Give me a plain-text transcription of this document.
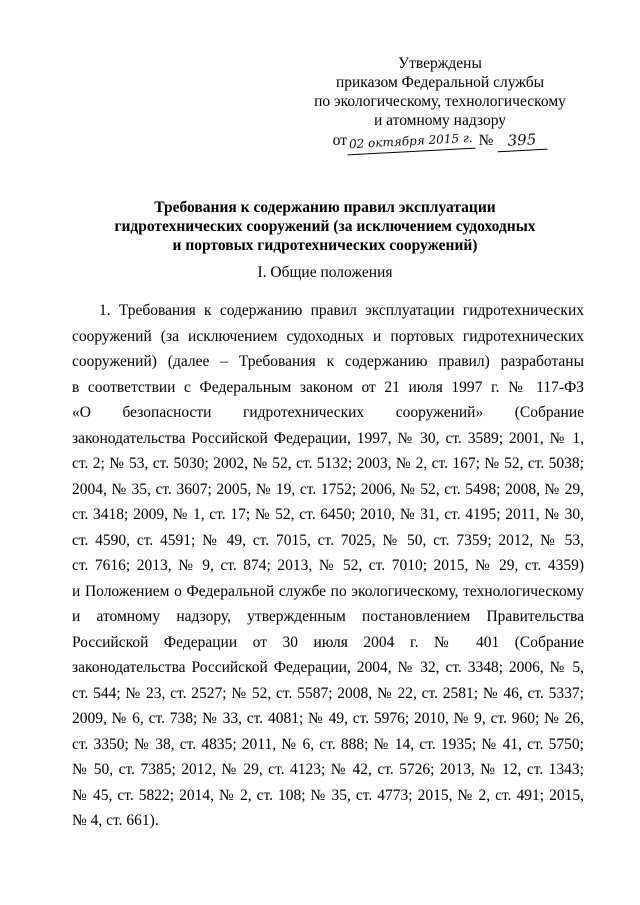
Утверждены
приказом Федеральной службы
по экологическому, технологическому
и атомному надзору
от 02 октября 2015 г. № 395
Требования к содержанию правил эксплуатации
гидротехнических сооружений (за исключением судоходных
и портовых гидротехнических сооружений)
I. Общие положения
1. Требования к содержанию правил эксплуатации гидротехнических
сооружений (за исключением судоходных и портовых гидротехнических
сооружений) (далее – Требования к содержанию правил) разработаны
в соответствии с Федеральным законом от 21 июля 1997 г. № 117-ФЗ
«О безопасности гидротехнических сооружений» (Собрание
законодательства Российской Федерации, 1997, № 30, ст. 3589; 2001, № 1,
ст. 2; № 53, ст. 5030; 2002, № 52, ст. 5132; 2003, № 2, ст. 167; № 52, ст. 5038;
2004, № 35, ст. 3607; 2005, № 19, ст. 1752; 2006, № 52, ст. 5498; 2008, № 29,
ст. 3418; 2009, № 1, ст. 17; № 52, ст. 6450; 2010, № 31, ст. 4195; 2011, № 30,
ст. 4590, ст. 4591; № 49, ст. 7015, ст. 7025, № 50, ст. 7359; 2012, № 53,
ст. 7616; 2013, № 9, ст. 874; 2013, № 52, ст. 7010; 2015, № 29, ст. 4359)
и Положением о Федеральной службе по экологическому, технологическому
и атомному надзору, утвержденным постановлением Правительства
Российской Федерации от 30 июля 2004 г. № 401 (Собрание
законодательства Российской Федерации, 2004, № 32, ст. 3348; 2006, № 5,
ст. 544; № 23, ст. 2527; № 52, ст. 5587; 2008, № 22, ст. 2581; № 46, ст. 5337;
2009, № 6, ст. 738; № 33, ст. 4081; № 49, ст. 5976; 2010, № 9, ст. 960; № 26,
ст. 3350; № 38, ст. 4835; 2011, № 6, ст. 888; № 14, ст. 1935; № 41, ст. 5750;
№ 50, ст. 7385; 2012, № 29, ст. 4123; № 42, ст. 5726; 2013, № 12, ст. 1343;
№ 45, ст. 5822; 2014, № 2, ст. 108; № 35, ст. 4773; 2015, № 2, ст. 491; 2015,
№ 4, ст. 661).
